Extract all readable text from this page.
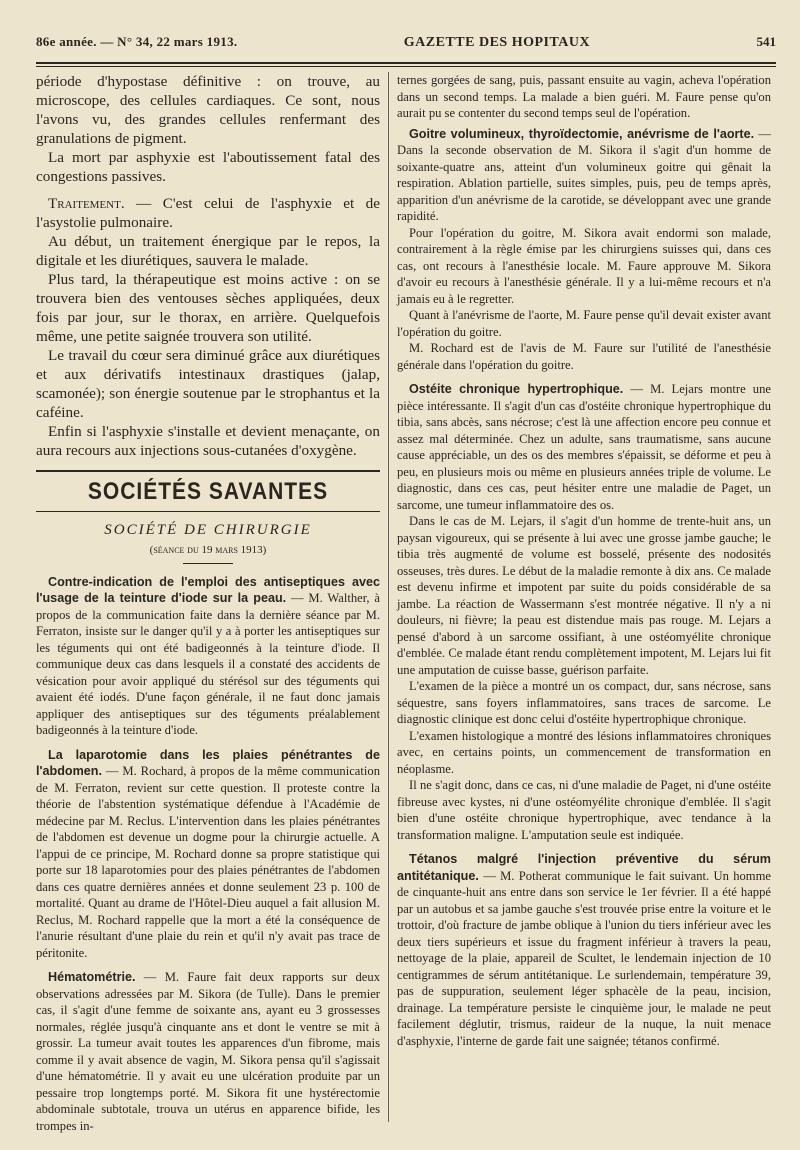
86e année. — N° 34, 22 mars 1913.	GAZETTE DES HOPITAUX	541

période d'hypostase définitive : on trouve, au microscope, des cellules cardiaques. Ce sont, nous l'avons vu, des grandes cellules renfermant des granulations de pigment.

La mort par asphyxie est l'aboutissement fatal des congestions passives.

Traitement. — C'est celui de l'asphyxie et de l'asystolie pulmonaire.

Au début, un traitement énergique par le repos, la digitale et les diurétiques, sauvera le malade.

Plus tard, la thérapeutique est moins active : on se trouvera bien des ventouses sèches appliquées, deux fois par jour, sur le thorax, en arrière. Quelquefois même, une petite saignée trouvera son utilité.

Le travail du cœur sera diminué grâce aux diurétiques et aux dérivatifs intestinaux drastiques (jalap, scamonée); son énergie soutenue par le strophantus et la caféine.

Enfin si l'asphyxie s'installe et devient menaçante, on aura recours aux injections sous-cutanées d'oxygène.

SOCIÉTÉS SAVANTES
SOCIÉTÉ DE CHIRURGIE
(séance du 19 mars 1913)

Contre-indication de l'emploi des antiseptiques avec l'usage de la teinture d'iode sur la peau. — M. Walther, à propos de la communication faite dans la dernière séance par M. Ferraton, insiste sur le danger qu'il y a à porter les antiseptiques sur les téguments qui ont été badigeonnés à la teinture d'iode. Il communique deux cas dans lesquels il a constaté des accidents de vésication pour avoir appliqué du stérésol sur des téguments qui avaient été iodés. D'une façon générale, il ne faut donc jamais appliquer des antiseptiques sur des téguments préalablement badigeonnés à la teinture d'iode.

La laparotomie dans les plaies pénétrantes de l'abdomen. — M. Rochard, à propos de la même communication de M. Ferraton, revient sur cette question. Il proteste contre la théorie de l'abstention systématique défendue à l'Académie de médecine par M. Reclus. L'intervention dans les plaies pénétrantes de l'abdomen est devenue un dogme pour la chirurgie actuelle. A l'appui de ce principe, M. Rochard donne sa propre statistique qui porte sur 18 laparotomies pour des plaies pénétrantes de l'abdomen dans ces quatre dernières années et donne seulement 23 p. 100 de mortalité. Quant au drame de l'Hôtel-Dieu auquel a fait allusion M. Reclus, M. Rochard rappelle que la mort a été la conséquence de l'anurie résultant d'une plaie du rein et qu'il n'y avait pas trace de péritonite.

Hématométrie. — M. Faure fait deux rapports sur deux observations adressées par M. Sikora (de Tulle). Dans le premier cas, il s'agit d'une femme de soixante ans, ayant eu 3 grossesses normales, réglée jusqu'à cinquante ans et dont le ventre se mit à grossir. La tumeur avait toutes les apparences d'un fibrome, mais comme il y avait absence de vagin, M. Sikora pensa qu'il s'agissait d'une hématométrie. Il y avait eu une ulcération produite par un pessaire trop longtemps porté. M. Sikora fit une hystérectomie abdominale subtotale, trouva un utérus en apparence bifide, les trompes in-

ternes gorgées de sang, puis, passant ensuite au vagin, acheva l'opération dans un second temps. La malade a bien guéri. M. Faure pense qu'on aurait pu se contenter du second temps seul de l'opération.

Goitre volumineux, thyroïdectomie, anévrisme de l'aorte. — Dans la seconde observation de M. Sikora il s'agit d'un homme de soixante-quatre ans, atteint d'un volumineux goitre qui gênait la respiration. Ablation partielle, suites simples, puis, peu de temps après, apparition d'un anévrisme de la carotide, se développant avec une grande rapidité.

Pour l'opération du goitre, M. Sikora avait endormi son malade, contrairement à la règle émise par les chirurgiens suisses qui, dans ces cas, ont recours à l'anesthésie locale. M. Faure approuve M. Sikora d'avoir eu recours à l'anesthésie générale. Il y a lui-même recours et n'a jamais eu à le regretter.

Quant à l'anévrisme de l'aorte, M. Faure pense qu'il devait exister avant l'opération du goitre.

M. Rochard est de l'avis de M. Faure sur l'utilité de l'anesthésie générale dans l'opération du goitre.

Ostéite chronique hypertrophique. — M. Lejars montre une pièce intéressante. Il s'agit d'un cas d'ostéite chronique hypertrophique du tibia, sans abcès, sans nécrose; c'est là une affection encore peu connue et assez mal déterminée. Chez un adulte, sans traumatisme, sans aucune cause appréciable, un des os des membres s'épaissit, se déforme et peu à peu, en plusieurs mois ou même en plusieurs années triple de volume. Le diagnostic, dans ces cas, peut hésiter entre une maladie de Paget, un sarcome, une tumeur inflammatoire des os.

Dans le cas de M. Lejars, il s'agit d'un homme de trente-huit ans, un paysan vigoureux, qui se présente à lui avec une grosse jambe gauche; le tibia très augmenté de volume est bosselé, présente des nodosités osseuses, très dures. Le début de la maladie remonte à dix ans. Ce malade est devenu infirme et impotent par suite du poids considérable de sa jambe. La réaction de Wassermann s'est montrée négative. Il n'y a ni douleurs, ni fièvre; la peau est distendue mais pas rouge. M. Lejars a pensé d'abord à un sarcome ossifiant, à une ostéomyélite chronique d'emblée. Ce malade étant rendu complètement impotent, M. Lejars lui fit une amputation de cuisse basse, guérison parfaite.

L'examen de la pièce a montré un os compact, dur, sans nécrose, sans séquestre, sans foyers inflammatoires, sans traces de sarcome. Le diagnostic clinique est donc celui d'ostéite hypertrophique chronique.

L'examen histologique a montré des lésions inflammatoires chroniques avec, en certains points, un commencement de transformation en néoplasme.

Il ne s'agit donc, dans ce cas, ni d'une maladie de Paget, ni d'une ostéite fibreuse avec kystes, ni d'une ostéomyélite chronique d'emblée. Il s'agit bien d'une ostéite chronique hypertrophique, avec tendance à la transformation maligne. L'amputation seule est indiquée.

Tétanos malgré l'injection préventive du sérum antitétanique. — M. Potherat communique le fait suivant. Un homme de cinquante-huit ans entre dans son service le 1er février. Il a été happé par un autobus et sa jambe gauche s'est trouvée prise entre la voiture et le trottoir, d'où fracture de jambe oblique à l'union du tiers inférieur avec les deux tiers supérieurs et issue du fragment inférieur à travers la peau, nettoyage de la plaie, appareil de Scultet, le lendemain injection de 10 centigrammes de sérum antitétanique. Le surlendemain, température 39, pas de suppuration, seulement léger sphacèle de la peau, incision, drainage. La température persiste le cinquième jour, le malade ne peut facilement déglutir, trismus, raideur de la nuque, la nuit menace d'asphyxie, l'interne de garde fait une saignée; tétanos confirmé.
